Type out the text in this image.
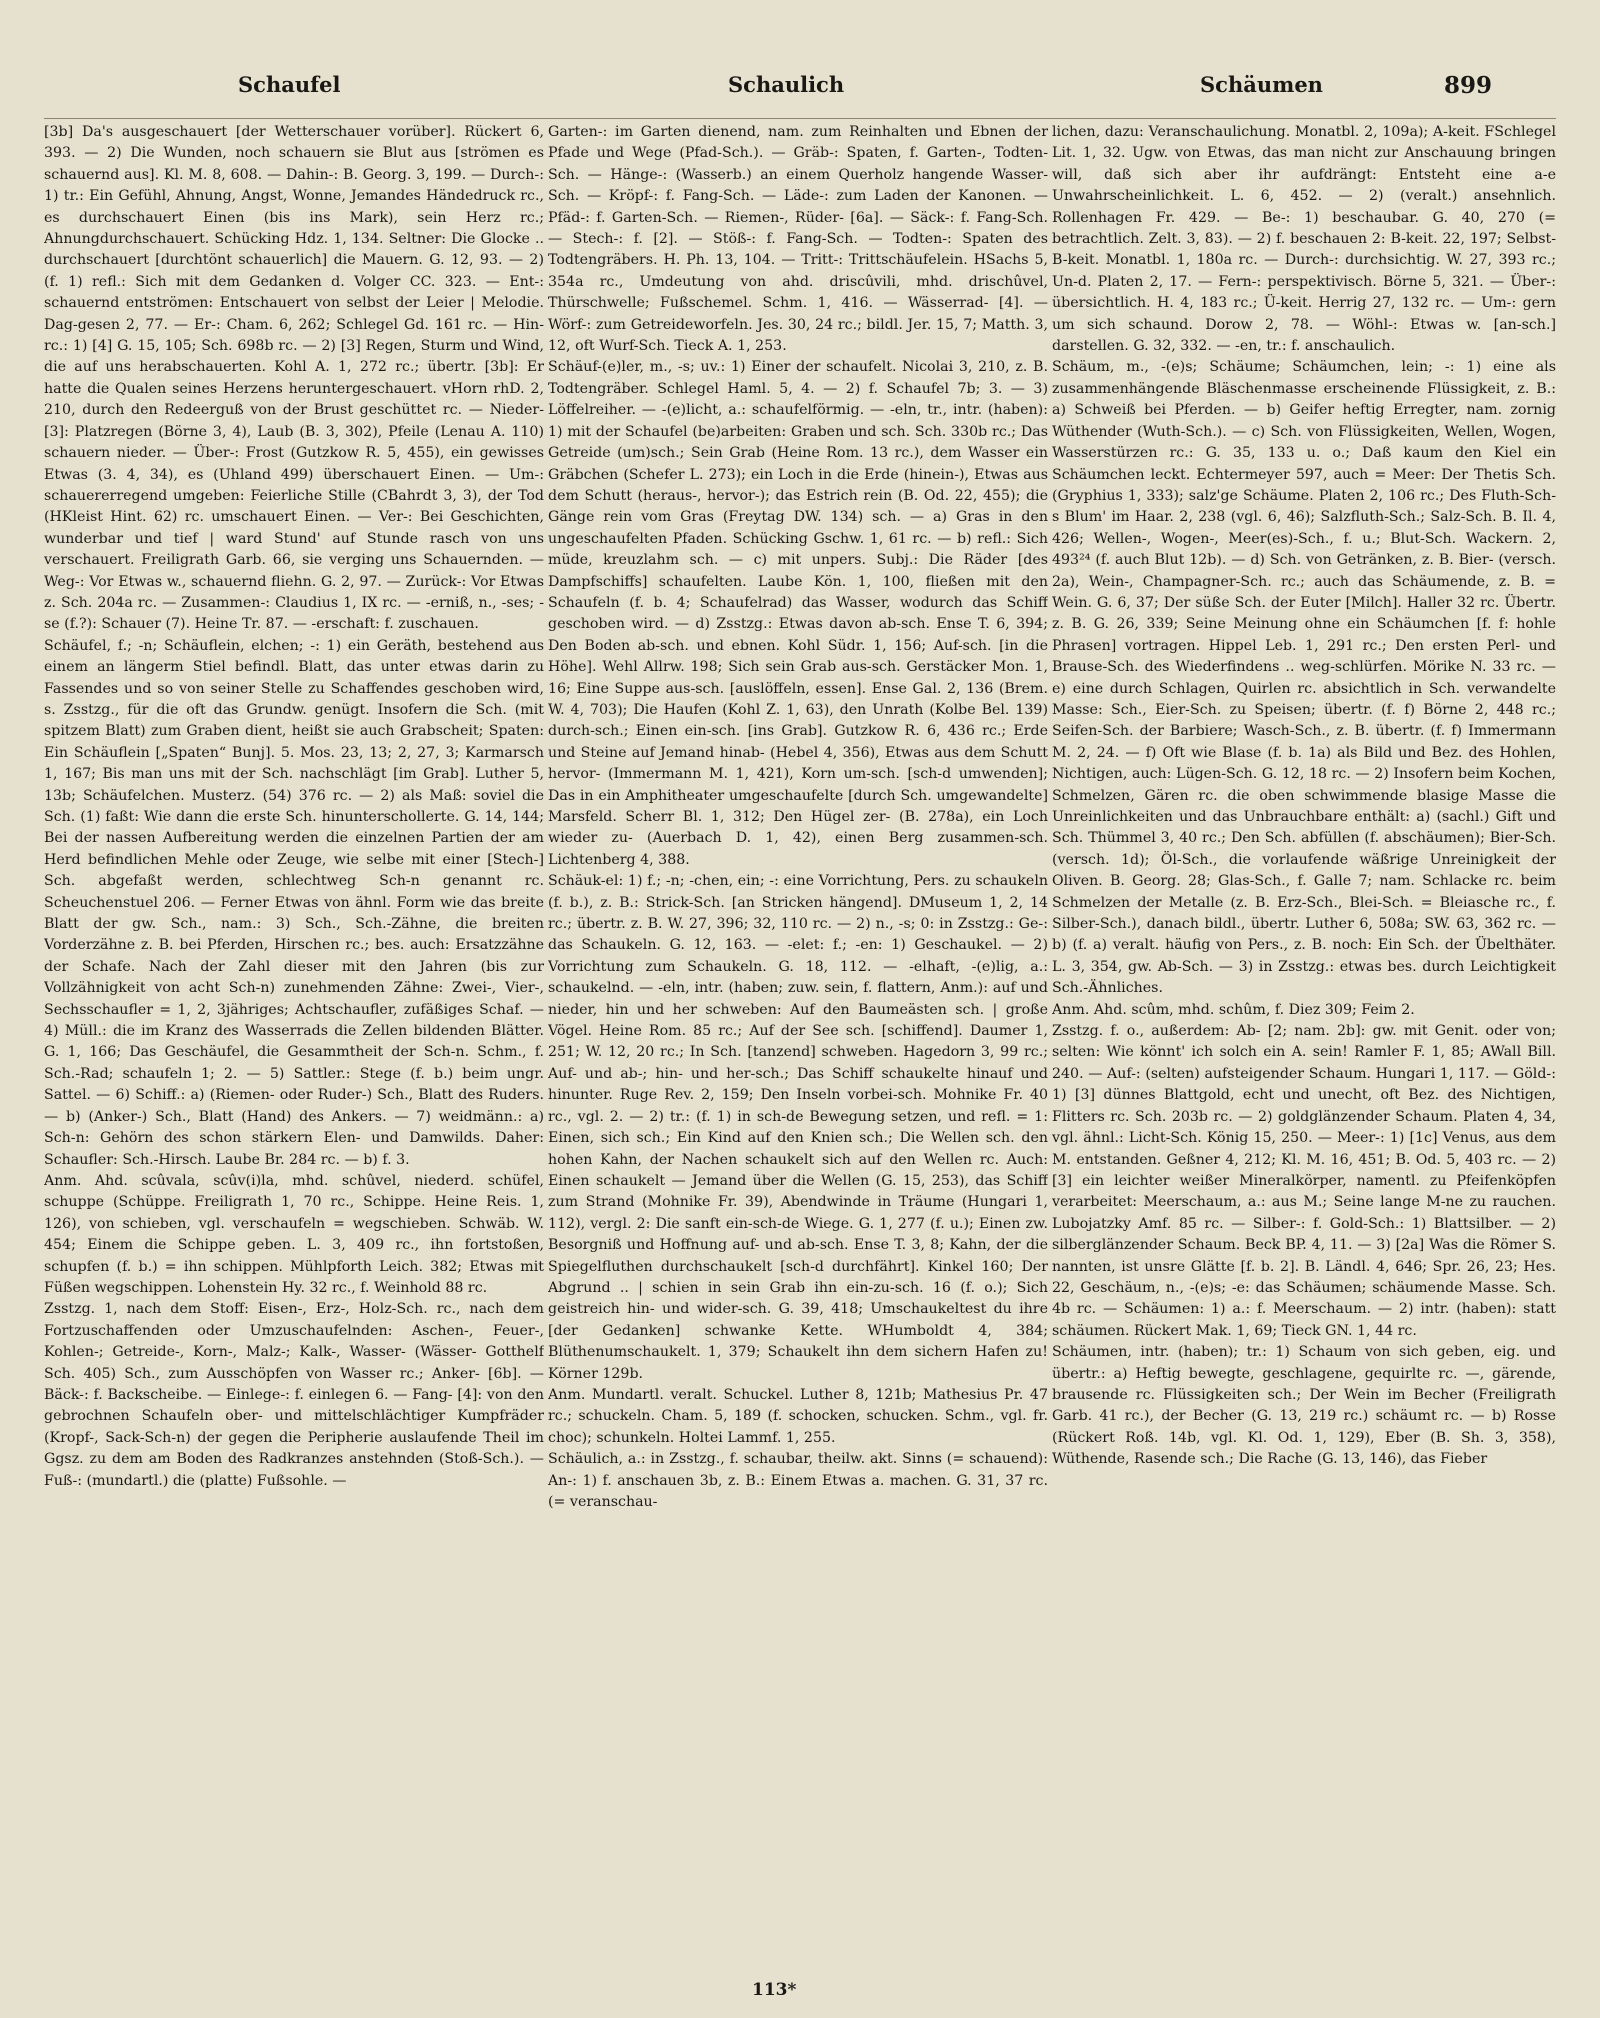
Schaufel	Schaulich	Schäumen	899

[3b] Da's ausgeschauert [der Wetterschauer vorüber]. Rückert 6, 393. — 2) Die Wunden, noch schauern sie Blut aus [strömen es schauernd aus]. Kl. M. 8, 608. — Dahin-: B. Georg. 3, 199. — Durch-: 1) tr.: Ein Gefühl, Ahnung, Angst, Wonne, Jemandes Händedruck rc., es durchschauert Einen (bis ins Mark), sein Herz rc.; Ahnungdurchschauert. Schücking Hdz. 1, 134. Seltner: Die Glocke .. durchschauert [durchtönt schauerlich] die Mauern. G. 12, 93. — 2) (f. 1) refl.: Sich mit dem Gedanken d. Volger CC. 323. — Ent-: schauernd entströmen: Entschauert von selbst der Leier | Melodie. Dag-gesen 2, 77. — Er-: Cham. 6, 262; Schlegel Gd. 161 rc. — Hin- rc.: 1) [4] G. 15, 105; Sch. 698b rc. — 2) [3] Regen, Sturm und Wind, die auf uns herabschauerten. Kohl A. 1, 272 rc.; übertr. [3b]: Er hatte die Qualen seines Herzens heruntergeschauert. vHorn rhD. 2, 210, durch den Redeerguß von der Brust geschüttet rc. — Nieder- [3]: Platzregen (Börne 3, 4), Laub (B. 3, 302), Pfeile (Lenau A. 110) schauern nieder. — Über-: Frost (Gutzkow R. 5, 455), ein gewisses Etwas (3. 4, 34), es (Uhland 499) überschauert Einen. — Um-: schauererregend umgeben: Feierliche Stille (CBahrdt 3, 3), der Tod (HKleist Hint. 62) rc. umschauert Einen. — Ver-: Bei Geschichten, wunderbar und tief | ward Stund' auf Stunde rasch von uns verschauert. Freiligrath Garb. 66, sie verging uns Schauernden. — Weg-: Vor Etwas w., schauernd fliehn. G. 2, 97. — Zurück-: Vor Etwas z. Sch. 204a rc. — Zusammen-: Claudius 1, IX rc. — -erniß, n., -ses; -se (f.?): Schauer (7). Heine Tr. 87. — -erschaft: f. zuschauen.

Schäufel, f.; -n; Schäuflein, elchen; -: 1) ein Geräth, bestehend aus einem an längerm Stiel befindl. Blatt, das unter etwas darin zu Fassendes und so von seiner Stelle zu Schaffendes geschoben wird, s. Zsstzg., für die oft das Grundw. genügt. Insofern die Sch. (mit spitzem Blatt) zum Graben dient, heißt sie auch Grabscheit; Spaten: Ein Schäuflein [„Spaten“ Bunj]. 5. Mos. 23, 13; 2, 27, 3; Karmarsch 1, 167; Bis man uns mit der Sch. nachschlägt [im Grab]. Luther 5, 13b; Schäufelchen. Musterz. (54) 376 rc. — 2) als Maß: soviel die Sch. (1) faßt: Wie dann die erste Sch. hinunterschollerte. G. 14, 144; Bei der nassen Aufbereitung werden die einzelnen Partien der am Herd befindlichen Mehle oder Zeuge, wie selbe mit einer [Stech-] Sch. abgefaßt werden, schlechtweg Sch-n genannt rc. Scheuchenstuel 206. — Ferner Etwas von ähnl. Form wie das breite Blatt der gw. Sch., nam.: 3) Sch., Sch.-Zähne, die breiten Vorderzähne z. B. bei Pferden, Hirschen rc.; bes. auch: Ersatzzähne der Schafe. Nach der Zahl dieser mit den Jahren (bis zur Vollzähnigkeit von acht Sch-n) zunehmenden Zähne: Zwei-, Vier-, Sechsschaufler = 1, 2, 3jähriges; Achtschaufler, zufäßiges Schaf. — 4) Müll.: die im Kranz des Wasserrads die Zellen bildenden Blätter. G. 1, 166; Das Geschäufel, die Gesammtheit der Sch-n. Schm., f. Sch.-Rad; schaufeln 1; 2. — 5) Sattler.: Stege (f. b.) beim ungr. Sattel. — 6) Schiff.: a) (Riemen- oder Ruder-) Sch., Blatt des Ruders. — b) (Anker-) Sch., Blatt (Hand) des Ankers. — 7) weidmänn.: a) Sch-n: Gehörn des schon stärkern Elen- und Damwilds. Daher: Schaufler: Sch.-Hirsch. Laube Br. 284 rc. — b) f. 3.

Anm. Ahd. scûvala, scûv(i)la, mhd. schûvel, niederd. schüfel, schuppe (Schüppe. Freiligrath 1, 70 rc., Schippe. Heine Reis. 1, 126), von schieben, vgl. verschaufeln = wegschieben. Schwäb. W. 454; Einem die Schippe geben. L. 3, 409 rc., ihn fortstoßen, schupfen (f. b.) = ihn schippen. Mühlpforth Leich. 382; Etwas mit Füßen wegschippen. Lohenstein Hy. 32 rc., f. Weinhold 88 rc.

Zsstzg. 1, nach dem Stoff: Eisen-, Erz-, Holz-Sch. rc., nach dem Fortzuschaffenden oder Umzuschaufelnden: Aschen-, Feuer-, Kohlen-; Getreide-, Korn-, Malz-; Kalk-, Wasser- (Wässer- Gotthelf Sch. 405) Sch., zum Ausschöpfen von Wasser rc.; Anker- [6b]. — Bäck-: f. Backscheibe. — Einlege-: f. einlegen 6. — Fang- [4]: von den gebrochnen Schaufeln ober- und mittelschlächtiger Kumpfräder (Kropf-, Sack-Sch-n) der gegen die Peripherie auslaufende Theil im Ggsz. zu dem am Boden des Radkranzes anstehnden (Stoß-Sch.). — Fuß-: (mundartl.) die (platte) Fußsohle. —

Garten-: im Garten dienend, nam. zum Reinhalten und Ebnen der Pfade und Wege (Pfad-Sch.). — Gräb-: Spaten, f. Garten-, Todten-Sch. — Hänge-: (Wasserb.) an einem Querholz hangende Wasser-Sch. — Kröpf-: f. Fang-Sch. — Läde-: zum Laden der Kanonen. — Pfäd-: f. Garten-Sch. — Riemen-, Rüder- [6a]. — Säck-: f. Fang-Sch. — Stech-: f. [2]. — Stöß-: f. Fang-Sch. — Todten-: Spaten des Todtengräbers. H. Ph. 13, 104. — Tritt-: Trittschäufelein. HSachs 5, 354a rc., Umdeutung von ahd. driscûvili, mhd. drischûvel, Thürschwelle; Fußschemel. Schm. 1, 416. — Wässerrad- [4]. — Wörf-: zum Getreideworfeln. Jes. 30, 24 rc.; bildl. Jer. 15, 7; Matth. 3, 12, oft Wurf-Sch. Tieck A. 1, 253.

Schäuf-(e)ler, m., -s; uv.: 1) Einer der schaufelt. Nicolai 3, 210, z. B. Todtengräber. Schlegel Haml. 5, 4. — 2) f. Schaufel 7b; 3. — 3) Löffelreiher. — -(e)licht, a.: schaufelförmig. — -eln, tr., intr. (haben): 1) mit der Schaufel (be)arbeiten: Graben und sch. Sch. 330b rc.; Das Getreide (um)sch.; Sein Grab (Heine Rom. 13 rc.), dem Wasser ein Gräbchen (Schefer L. 273); ein Loch in die Erde (hinein-), Etwas aus dem Schutt (heraus-, hervor-); das Estrich rein (B. Od. 22, 455); die Gänge rein vom Gras (Freytag DW. 134) sch. — a) Gras in den ungeschaufelten Pfaden. Schücking Gschw. 1, 61 rc. — b) refl.: Sich müde, kreuzlahm sch. — c) mit unpers. Subj.: Die Räder [des Dampfschiffs] schaufelten. Laube Kön. 1, 100, fließen mit den Schaufeln (f. b. 4; Schaufelrad) das Wasser, wodurch das Schiff geschoben wird. — d) Zsstzg.: Etwas davon ab-sch. Ense T. 6, 394; Den Boden ab-sch. und ebnen. Kohl Südr. 1, 156; Auf-sch. [in die Höhe]. Wehl Allrw. 198; Sich sein Grab aus-sch. Gerstäcker Mon. 1, 16; Eine Suppe aus-sch. [auslöffeln, essen]. Ense Gal. 2, 136 (Brem. W. 4, 703); Die Haufen (Kohl Z. 1, 63), den Unrath (Kolbe Bel. 139) durch-sch.; Einen ein-sch. [ins Grab]. Gutzkow R. 6, 436 rc.; Erde und Steine auf Jemand hinab- (Hebel 4, 356), Etwas aus dem Schutt hervor- (Immermann M. 1, 421), Korn um-sch. [sch-d umwenden]; Das in ein Amphitheater umgeschaufelte [durch Sch. umgewandelte] Marsfeld. Scherr Bl. 1, 312; Den Hügel zer- (B. 278a), ein Loch wieder zu- (Auerbach D. 1, 42), einen Berg zusammen-sch. Lichtenberg 4, 388.

Schäuk-el: 1) f.; -n; -chen, ein; -: eine Vorrichtung, Pers. zu schaukeln (f. b.), z. B.: Strick-Sch. [an Stricken hängend]. DMuseum 1, 2, 14 rc.; übertr. z. B. W. 27, 396; 32, 110 rc. — 2) n., -s; 0: in Zsstzg.: Ge-: das Schaukeln. G. 12, 163. — -elet: f.; -en: 1) Geschaukel. — 2) Vorrichtung zum Schaukeln. G. 18, 112. — -elhaft, -(e)lig, a.: schaukelnd. — -eln, intr. (haben; zuw. sein, f. flattern, Anm.): auf und nieder, hin und her schweben: Auf den Baumeästen sch. | große Vögel. Heine Rom. 85 rc.; Auf der See sch. [schiffend]. Daumer 1, 251; W. 12, 20 rc.; In Sch. [tanzend] schweben. Hagedorn 3, 99 rc.; Auf- und ab-; hin- und her-sch.; Das Schiff schaukelte hinauf und hinunter. Ruge Rev. 2, 159; Den Inseln vorbei-sch. Mohnike Fr. 40 rc., vgl. 2. — 2) tr.: (f. 1) in sch-de Bewegung setzen, und refl. = 1: Einen, sich sch.; Ein Kind auf den Knien sch.; Die Wellen sch. den hohen Kahn, der Nachen schaukelt sich auf den Wellen rc. Auch: Einen schaukelt — Jemand über die Wellen (G. 15, 253), das Schiff zum Strand (Mohnike Fr. 39), Abendwinde in Träume (Hungari 1, 112), vergl. 2: Die sanft ein-sch-de Wiege. G. 1, 277 (f. u.); Einen zw. Besorgniß und Hoffnung auf- und ab-sch. Ense T. 3, 8; Kahn, der die Spiegelfluthen durchschaukelt [sch-d durchfährt]. Kinkel 160; Der Abgrund .. | schien in sein Grab ihn ein-zu-sch. 16 (f. o.); Sich geistreich hin- und wider-sch. G. 39, 418; Umschaukeltest du ihre [der Gedanken] schwanke Kette. WHumboldt 4, 384; Blüthenumschaukelt. 1, 379; Schaukelt ihn dem sichern Hafen zu! Körner 129b.

Anm. Mundartl. veralt. Schuckel. Luther 8, 121b; Mathesius Pr. 47 rc.; schuckeln. Cham. 5, 189 (f. schocken, schucken. Schm., vgl. fr. choc); schunkeln. Holtei Lammf. 1, 255.

Schäulich, a.: in Zsstzg., f. schaubar, theilw. akt. Sinns (= schauend): An-: 1) f. anschauen 3b, z. B.: Einem Etwas a. machen. G. 31, 37 rc. (= veranschau-

lichen, dazu: Veranschaulichung. Monatbl. 2, 109a); A-keit. FSchlegel Lit. 1, 32. Ugw. von Etwas, das man nicht zur Anschauung bringen will, daß sich aber ihr aufdrängt: Entsteht eine a-e Unwahrscheinlichkeit. L. 6, 452. — 2) (veralt.) ansehnlich. Rollenhagen Fr. 429. — Be-: 1) beschaubar. G. 40, 270 (= betrachtlich. Zelt. 3, 83). — 2) f. beschauen 2: B-keit. 22, 197; Selbst-B-keit. Monatbl. 1, 180a rc. — Durch-: durchsichtig. W. 27, 393 rc.; Un-d. Platen 2, 17. — Fern-: perspektivisch. Börne 5, 321. — Über-: übersichtlich. H. 4, 183 rc.; Ü-keit. Herrig 27, 132 rc. — Um-: gern um sich schaund. Dorow 2, 78. — Wöhl-: Etwas w. [an-sch.] darstellen. G. 32, 332. — -en, tr.: f. anschaulich.

Schäum, m., -(e)s; Schäume; Schäumchen, lein; -: 1) eine als zusammenhängende Bläschenmasse erscheinende Flüssigkeit, z. B.: a) Schweiß bei Pferden. — b) Geifer heftig Erregter, nam. zornig Wüthender (Wuth-Sch.). — c) Sch. von Flüssigkeiten, Wellen, Wogen, Wasserstürzen rc.: G. 35, 133 u. o.; Daß kaum den Kiel ein Schäumchen leckt. Echtermeyer 597, auch = Meer: Der Thetis Sch. (Gryphius 1, 333); salz'ge Schäume. Platen 2, 106 rc.; Des Fluth-Sch-s Blum' im Haar. 2, 238 (vgl. 6, 46); Salzfluth-Sch.; Salz-Sch. B. Il. 4, 426; Wellen-, Wogen-, Meer(es)-Sch., f. u.; Blut-Sch. Wackern. 2, 493²⁴ (f. auch Blut 12b). — d) Sch. von Getränken, z. B. Bier- (versch. 2a), Wein-, Champagner-Sch. rc.; auch das Schäumende, z. B. = Wein. G. 6, 37; Der süße Sch. der Euter [Milch]. Haller 32 rc. Übertr. z. B. G. 26, 339; Seine Meinung ohne ein Schäumchen [f. f: hohle Phrasen] vortragen. Hippel Leb. 1, 291 rc.; Den ersten Perl- und Brause-Sch. des Wiederfindens .. weg-schlürfen. Mörike N. 33 rc. — e) eine durch Schlagen, Quirlen rc. absichtlich in Sch. verwandelte Masse: Sch., Eier-Sch. zu Speisen; übertr. (f. f) Börne 2, 448 rc.; Seifen-Sch. der Barbiere; Wasch-Sch., z. B. übertr. (f. f) Immermann M. 2, 24. — f) Oft wie Blase (f. b. 1a) als Bild und Bez. des Hohlen, Nichtigen, auch: Lügen-Sch. G. 12, 18 rc. — 2) Insofern beim Kochen, Schmelzen, Gären rc. die oben schwimmende blasige Masse die Unreinlichkeiten und das Unbrauchbare enthält: a) (sachl.) Gift und Sch. Thümmel 3, 40 rc.; Den Sch. abfüllen (f. abschäumen); Bier-Sch. (versch. 1d); Öl-Sch., die vorlaufende wäßrige Unreinigkeit der Oliven. B. Georg. 28; Glas-Sch., f. Galle 7; nam. Schlacke rc. beim Schmelzen der Metalle (z. B. Erz-Sch., Blei-Sch. = Bleiasche rc., f. Silber-Sch.), danach bildl., übertr. Luther 6, 508a; SW. 63, 362 rc. — b) (f. a) veralt. häufig von Pers., z. B. noch: Ein Sch. der Übelthäter. L. 3, 354, gw. Ab-Sch. — 3) in Zsstzg.: etwas bes. durch Leichtigkeit Sch.-Ähnliches.

Anm. Ahd. scûm, mhd. schûm, f. Diez 309; Feim 2.

Zsstzg. f. o., außerdem: Ab- [2; nam. 2b]: gw. mit Genit. oder von; selten: Wie könnt' ich solch ein A. sein! Ramler F. 1, 85; AWall Bill. 240. — Auf-: (selten) aufsteigender Schaum. Hungari 1, 117. — Göld-: 1) [3] dünnes Blattgold, echt und unecht, oft Bez. des Nichtigen, Flitters rc. Sch. 203b rc. — 2) goldglänzender Schaum. Platen 4, 34, vgl. ähnl.: Licht-Sch. König 15, 250. — Meer-: 1) [1c] Venus, aus dem M. entstanden. Geßner 4, 212; Kl. M. 16, 451; B. Od. 5, 403 rc. — 2) [3] ein leichter weißer Mineralkörper, namentl. zu Pfeifenköpfen verarbeitet: Meerschaum, a.: aus M.; Seine lange M-ne zu rauchen. Lubojatzky Amf. 85 rc. — Silber-: f. Gold-Sch.: 1) Blattsilber. — 2) silberglänzender Schaum. Beck BP. 4, 11. — 3) [2a] Was die Römer S. nannten, ist unsre Glätte [f. b. 2]. B. Ländl. 4, 646; Spr. 26, 23; Hes. 22, Geschäum, n., -(e)s; -e: das Schäumen; schäumende Masse. Sch. 4b rc. — Schäumen: 1) a.: f. Meerschaum. — 2) intr. (haben): statt schäumen. Rückert Mak. 1, 69; Tieck GN. 1, 44 rc.

Schäumen, intr. (haben); tr.: 1) Schaum von sich geben, eig. und übertr.: a) Heftig bewegte, geschlagene, gequirlte rc. —, gärende, brausende rc. Flüssigkeiten sch.; Der Wein im Becher (Freiligrath Garb. 41 rc.), der Becher (G. 13, 219 rc.) schäumt rc. — b) Rosse (Rückert Roß. 14b, vgl. Kl. Od. 1, 129), Eber (B. Sh. 3, 358), Wüthende, Rasende sch.; Die Rache (G. 13, 146), das Fieber

113*
